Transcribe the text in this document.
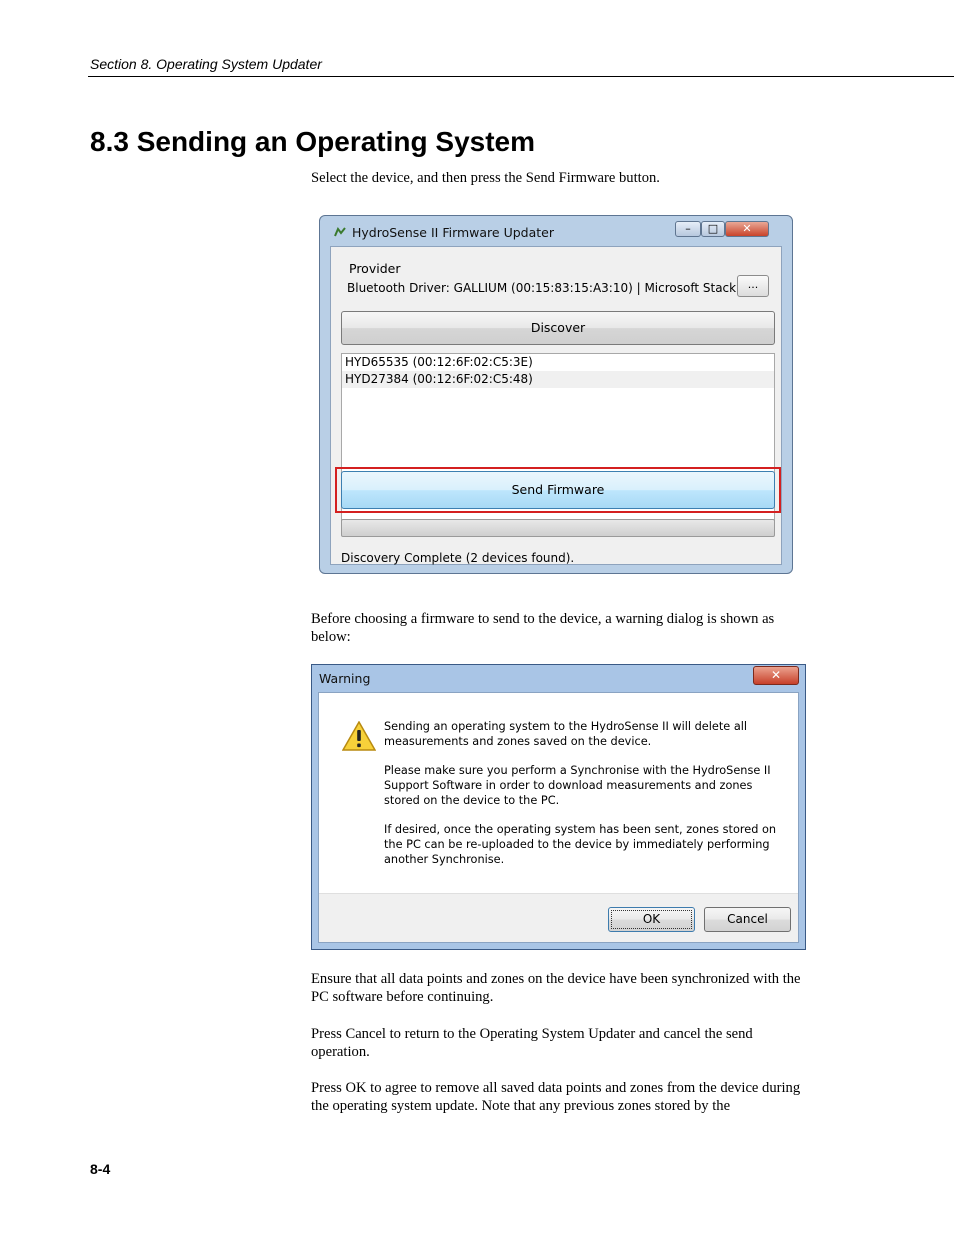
Section 8. Operating System Updater
8.3 Sending an Operating System

Select the device, and then press the Send Firmware button.

HydroSense II Firmware Updater	–	□	✕
Provider
Bluetooth Driver: GALLIUM (00:15:83:15:A3:10) | Microsoft Stack	...
Discover
HYD65535 (00:12:6F:02:C5:3E)
HYD27384 (00:12:6F:02:C5:48)
Send Firmware
Discovery Complete (2 devices found).

Before choosing a firmware to send to the device, a warning dialog is shown as below:

Warning	✕

Sending an operating system to the HydroSense II will delete all measurements and zones saved on the device.

Please make sure you perform a Synchronise with the HydroSense II Support Software in order to download measurements and zones stored on the device to the PC.

If desired, once the operating system has been sent, zones stored on the PC can be re-uploaded to the device by immediately performing another Synchronise.

OK	Cancel

Ensure that all data points and zones on the device have been synchronized with the PC software before continuing.

Press Cancel to return to the Operating System Updater and cancel the send operation.

Press OK to agree to remove all saved data points and zones from the device during the operating system update. Note that any previous zones stored by the

8-4
